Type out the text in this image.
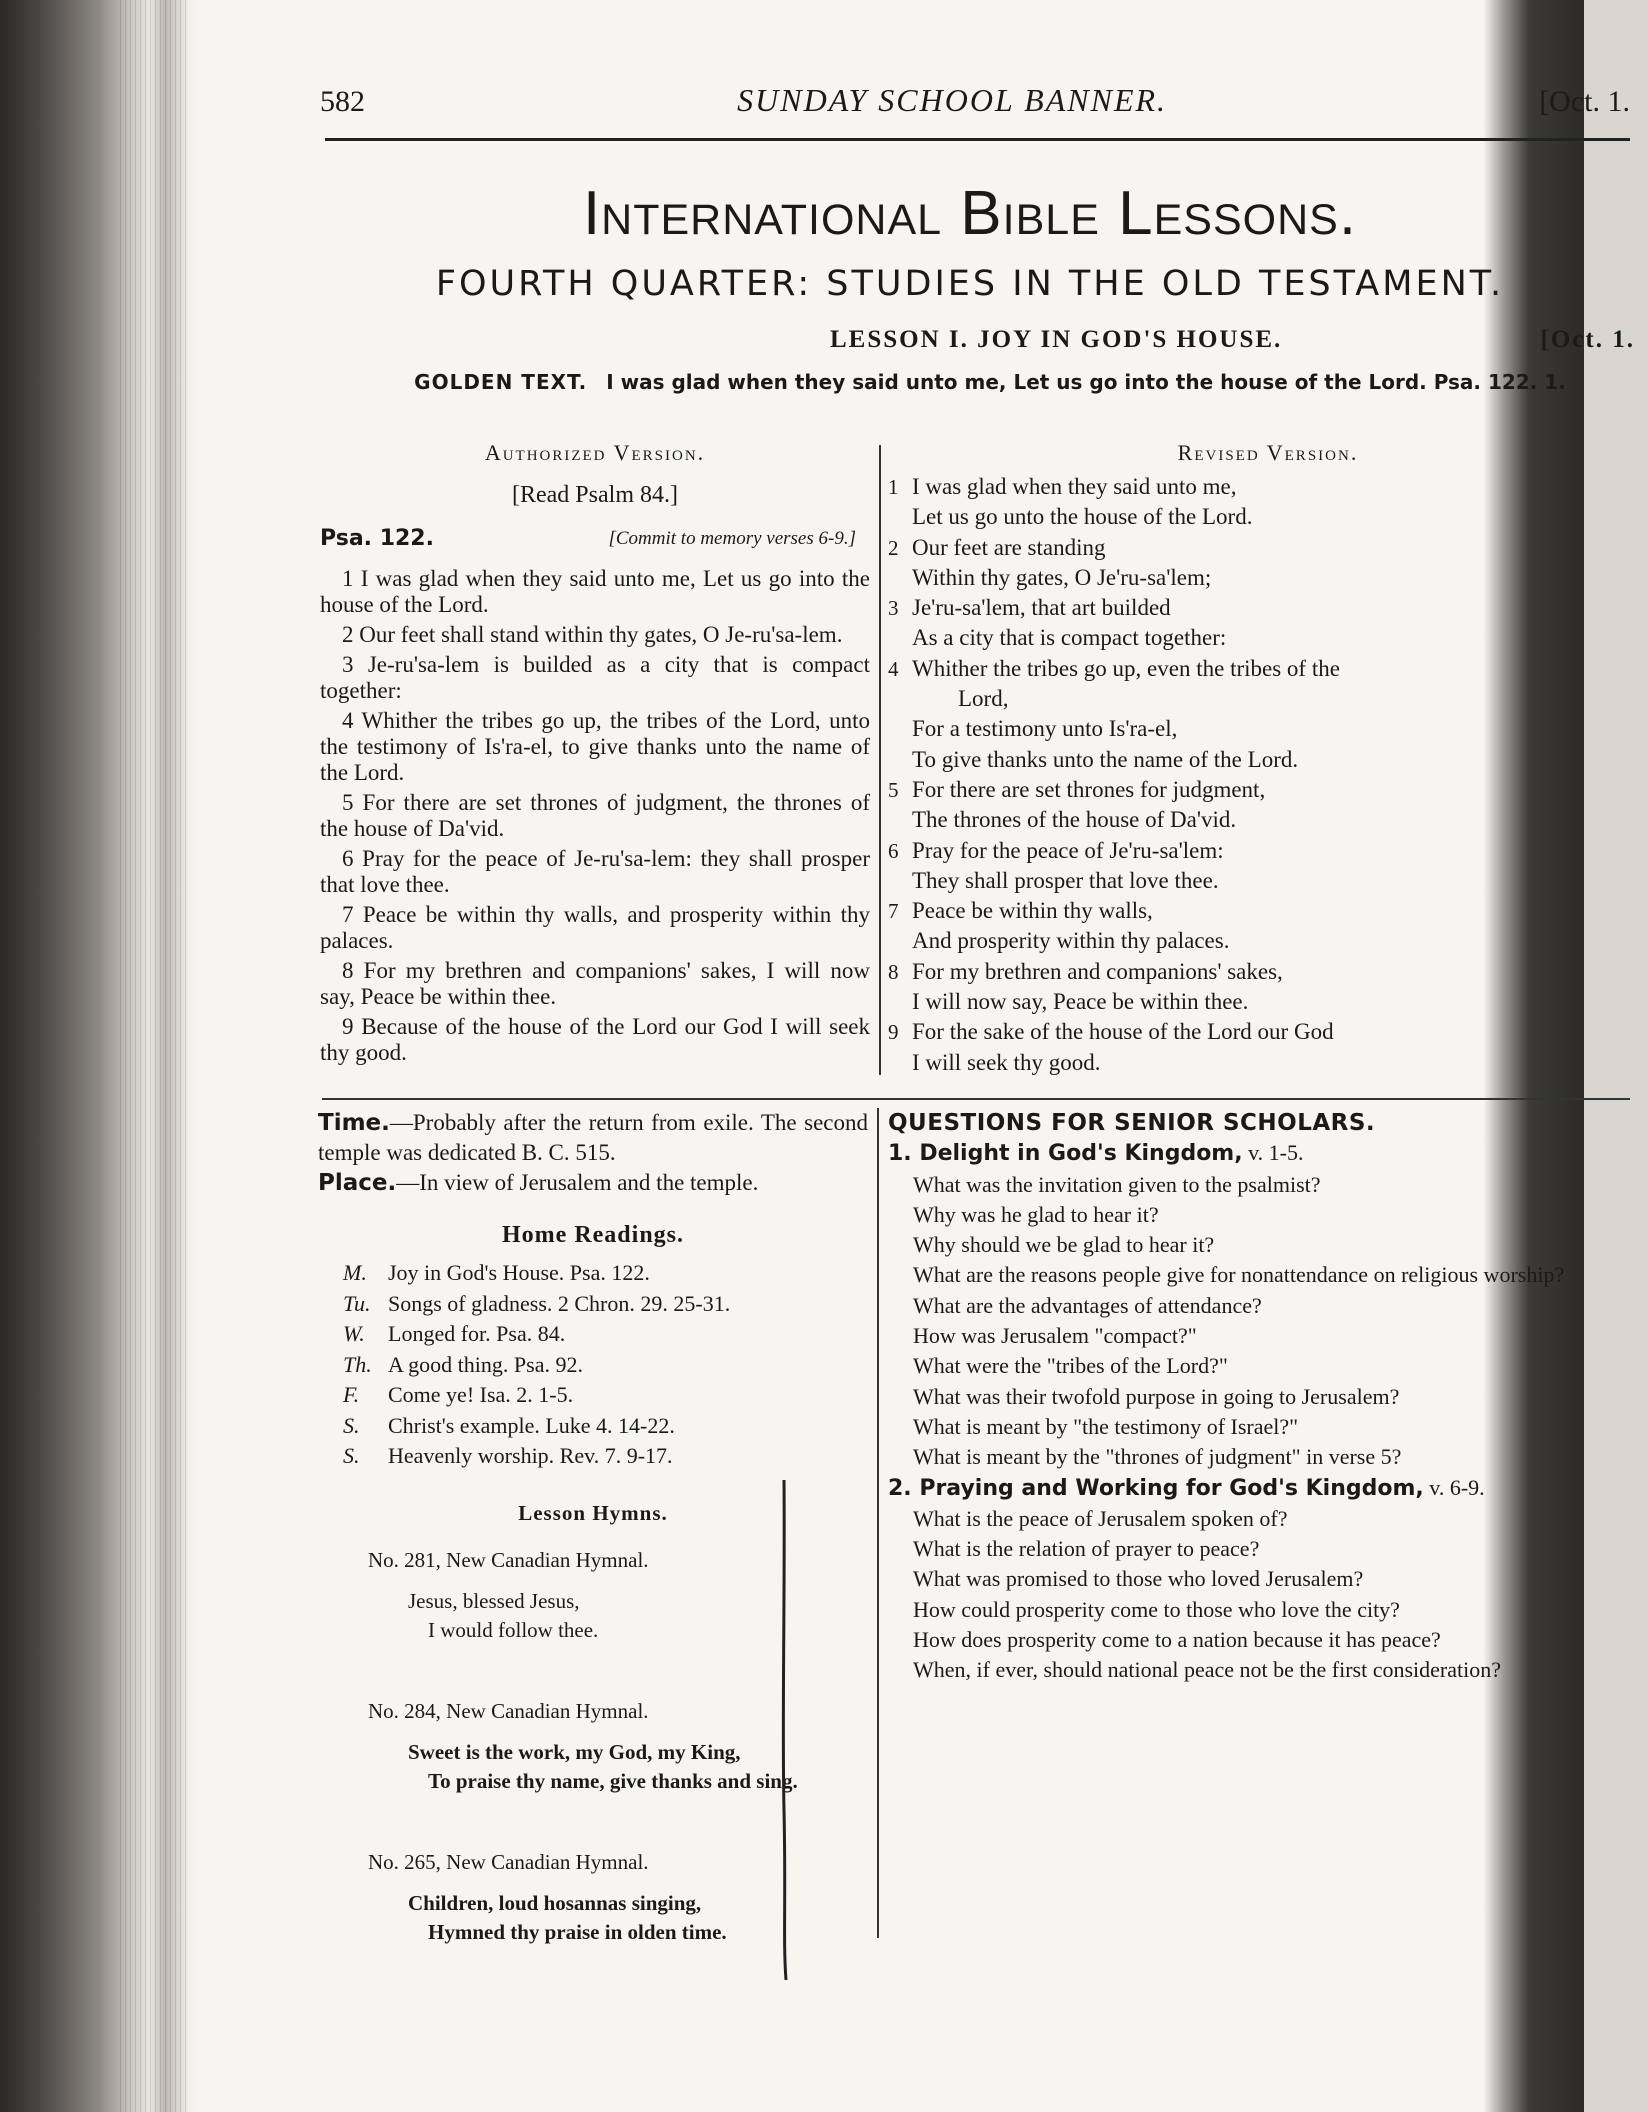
582	SUNDAY SCHOOL BANNER.	[Oct. 1.
International Bible Lessons.
FOURTH QUARTER: STUDIES IN THE OLD TESTAMENT.
LESSON I. JOY IN GOD'S HOUSE.	[Oct. 1.
GOLDEN TEXT. I was glad when they said unto me, Let us go into the house of the Lord. Psa. 122. 1.
Authorized Version.
[Read Psalm 84.]
Psa. 122.	[Commit to memory verses 6-9.]

1 I was glad when they said unto me, Let us go into the house of the Lord.

2 Our feet shall stand within thy gates, O Je-ru'sa-lem.

3 Je-ru'sa-lem is builded as a city that is compact together:

4 Whither the tribes go up, the tribes of the Lord, unto the testimony of Is'ra-el, to give thanks unto the name of the Lord.

5 For there are set thrones of judgment, the thrones of the house of Da'vid.

6 Pray for the peace of Je-ru'sa-lem: they shall prosper that love thee.

7 Peace be within thy walls, and prosperity within thy palaces.

8 For my brethren and companions' sakes, I will now say, Peace be within thee.

9 Because of the house of the Lord our God I will seek thy good.

Revised Version.
1 I was glad when they said unto me,
Let us go unto the house of the Lord.
2 Our feet are standing
Within thy gates, O Je'ru-sa'lem;
3 Je'ru-sa'lem, that art builded
As a city that is compact together:
4 Whither the tribes go up, even the tribes of the
Lord,
For a testimony unto Is'ra-el,
To give thanks unto the name of the Lord.
5 For there are set thrones for judgment,
The thrones of the house of Da'vid.
6 Pray for the peace of Je'ru-sa'lem:
They shall prosper that love thee.
7 Peace be within thy walls,
And prosperity within thy palaces.
8 For my brethren and companions' sakes,
I will now say, Peace be within thee.
9 For the sake of the house of the Lord our God
I will seek thy good.

Time.—Probably after the return from exile. The second temple was dedicated B. C. 515.

Place.—In view of Jerusalem and the temple.

Home Readings.
M. Joy in God's House. Psa. 122.
Tu. Songs of gladness. 2 Chron. 29. 25-31.
W.	Longed for. Psa. 84.
Th. A good thing. Psa. 92.
F.	Come ye! Isa. 2. 1-5.
S.	Christ's example. Luke 4. 14-22.
S.	Heavenly worship. Rev. 7. 9-17.
Lesson Hymns.
No. 281, New Canadian Hymnal.
Jesus, blessed Jesus,
I would follow thee.
No. 284, New Canadian Hymnal.
Sweet is the work, my God, my King,
To praise thy name, give thanks and sing.
No. 265, New Canadian Hymnal.
Children, loud hosannas singing,
Hymned thy praise in olden time.

QUESTIONS FOR SENIOR SCHOLARS.

1. Delight in God's Kingdom, v. 1-5.

What was the invitation given to the psalmist?

Why was he glad to hear it?

Why should we be glad to hear it?

What are the reasons people give for nonattendance on religious worship?

What are the advantages of attendance?

How was Jerusalem "compact?"

What were the "tribes of the Lord?"

What was their twofold purpose in going to Jerusalem?

What is meant by "the testimony of Israel?"

What is meant by the "thrones of judgment" in verse 5?

2. Praying and Working for God's Kingdom, v. 6-9.

What is the peace of Jerusalem spoken of?

What is the relation of prayer to peace?

What was promised to those who loved Jerusalem?

How could prosperity come to those who love the city?

How does prosperity come to a nation because it has peace?

When, if ever, should national peace not be the first consideration?
